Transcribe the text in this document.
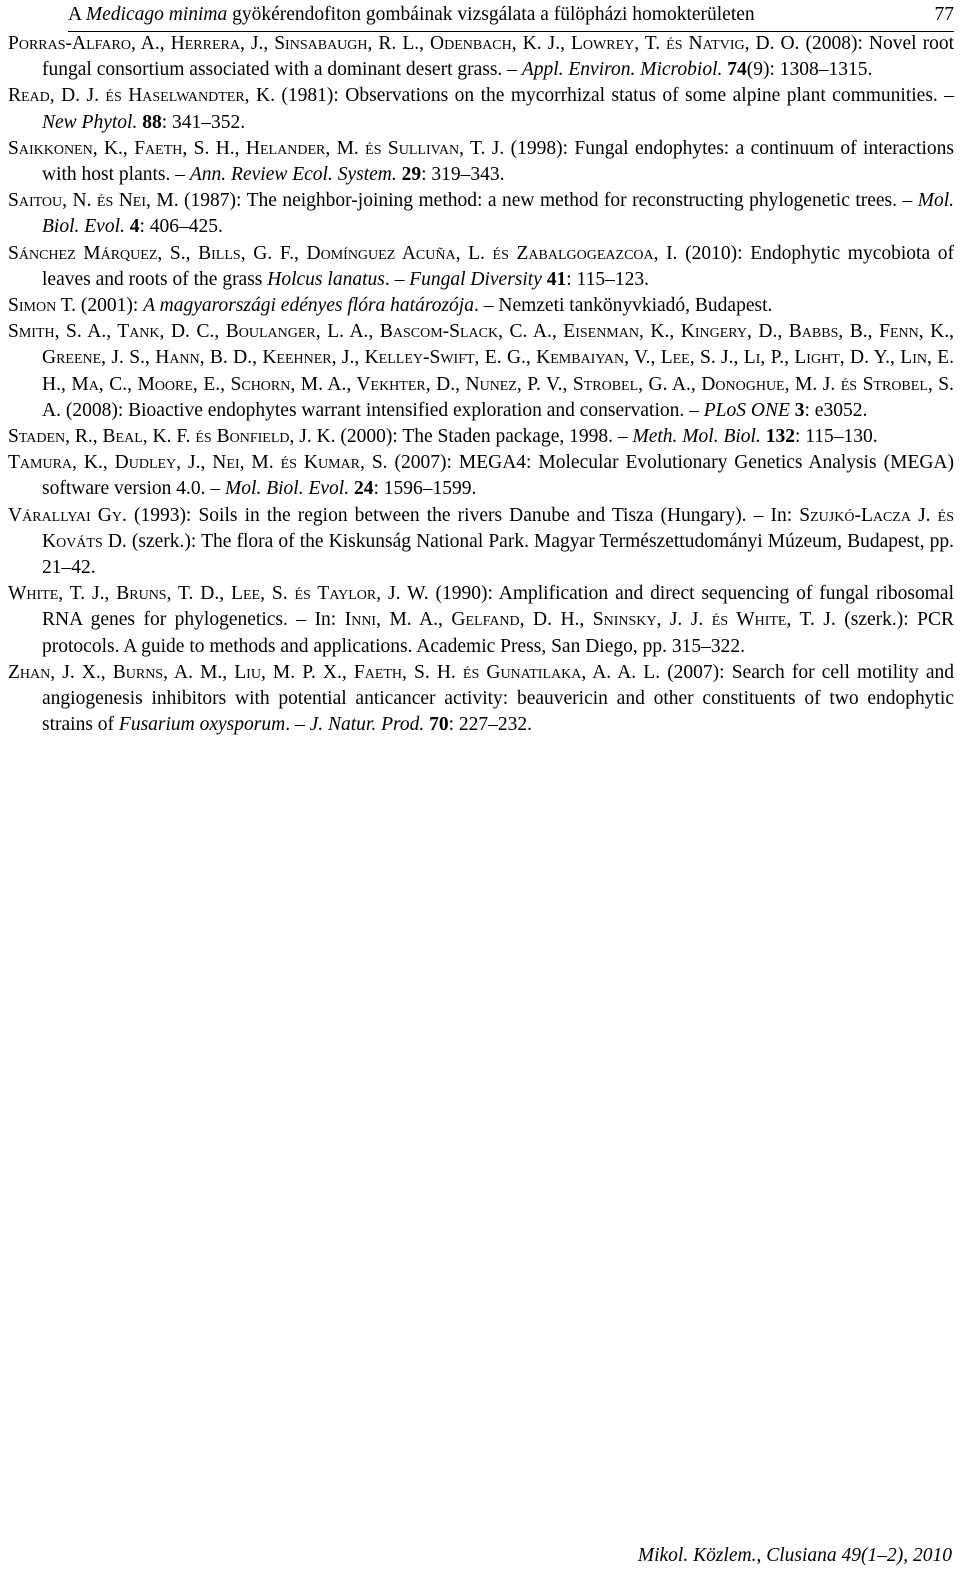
A Medicago minima gyökérendofiton gombáinak vizsgálata a fülöpházi homokterületen	77
Porras-Alfaro, A., Herrera, J., Sinsabaugh, R. L., Odenbach, K. J., Lowrey, T. és Natvig, D. O. (2008): Novel root fungal consortium associated with a dominant desert grass. – Appl. Environ. Microbiol. 74(9): 1308–1315.
Read, D. J. és Haselwandter, K. (1981): Observations on the mycorrhizal status of some alpine plant communities. – New Phytol. 88: 341–352.
Saikkonen, K., Faeth, S. H., Helander, M. és Sullivan, T. J. (1998): Fungal endophytes: a continuum of interactions with host plants. – Ann. Review Ecol. System. 29: 319–343.
Saitou, N. és Nei, M. (1987): The neighbor-joining method: a new method for reconstructing phylogenetic trees. – Mol. Biol. Evol. 4: 406–425.
Sánchez Márquez, S., Bills, G. F., Domínguez Acuña, L. és Zabalgogeazcoa, I. (2010): Endophytic mycobiota of leaves and roots of the grass Holcus lanatus. – Fungal Diversity 41: 115–123.
Simon T. (2001): A magyarországi edényes flóra határozója. – Nemzeti tankönyvkiadó, Budapest.
Smith, S. A., Tank, D. C., Boulanger, L. A., Bascom-Slack, C. A., Eisenman, K., Kingery, D., Babbs, B., Fenn, K., Greene, J. S., Hann, B. D., Keehner, J., Kelley-Swift, E. G., Kembaiyan, V., Lee, S. J., Li, P., Light, D. Y., Lin, E. H., Ma, C., Moore, E., Schorn, M. A., Vekhter, D., Nunez, P. V., Strobel, G. A., Donoghue, M. J. és Strobel, S. A. (2008): Bioactive endophytes warrant intensified exploration and conservation. – PLoS ONE 3: e3052.
Staden, R., Beal, K. F. és Bonfield, J. K. (2000): The Staden package, 1998. – Meth. Mol. Biol. 132: 115–130.
Tamura, K., Dudley, J., Nei, M. és Kumar, S. (2007): MEGA4: Molecular Evolutionary Genetics Analysis (MEGA) software version 4.0. – Mol. Biol. Evol. 24: 1596–1599.
Várallyai Gy. (1993): Soils in the region between the rivers Danube and Tisza (Hungary). – In: Szujkó-Lacza J. és Kováts D. (szerk.): The flora of the Kiskunság National Park. Magyar Természettudományi Múzeum, Budapest, pp. 21–42.
White, T. J., Bruns, T. D., Lee, S. és Taylor, J. W. (1990): Amplification and direct sequencing of fungal ribosomal RNA genes for phylogenetics. – In: Inni, M. A., Gelfand, D. H., Sninsky, J. J. és White, T. J. (szerk.): PCR protocols. A guide to methods and applications. Academic Press, San Diego, pp. 315–322.
Zhan, J. X., Burns, A. M., Liu, M. P. X., Faeth, S. H. és Gunatilaka, A. A. L. (2007): Search for cell motility and angiogenesis inhibitors with potential anticancer activity: beauvericin and other constituents of two endophytic strains of Fusarium oxysporum. – J. Natur. Prod. 70: 227–232.
Mikol. Közlem., Clusiana 49(1–2), 2010
